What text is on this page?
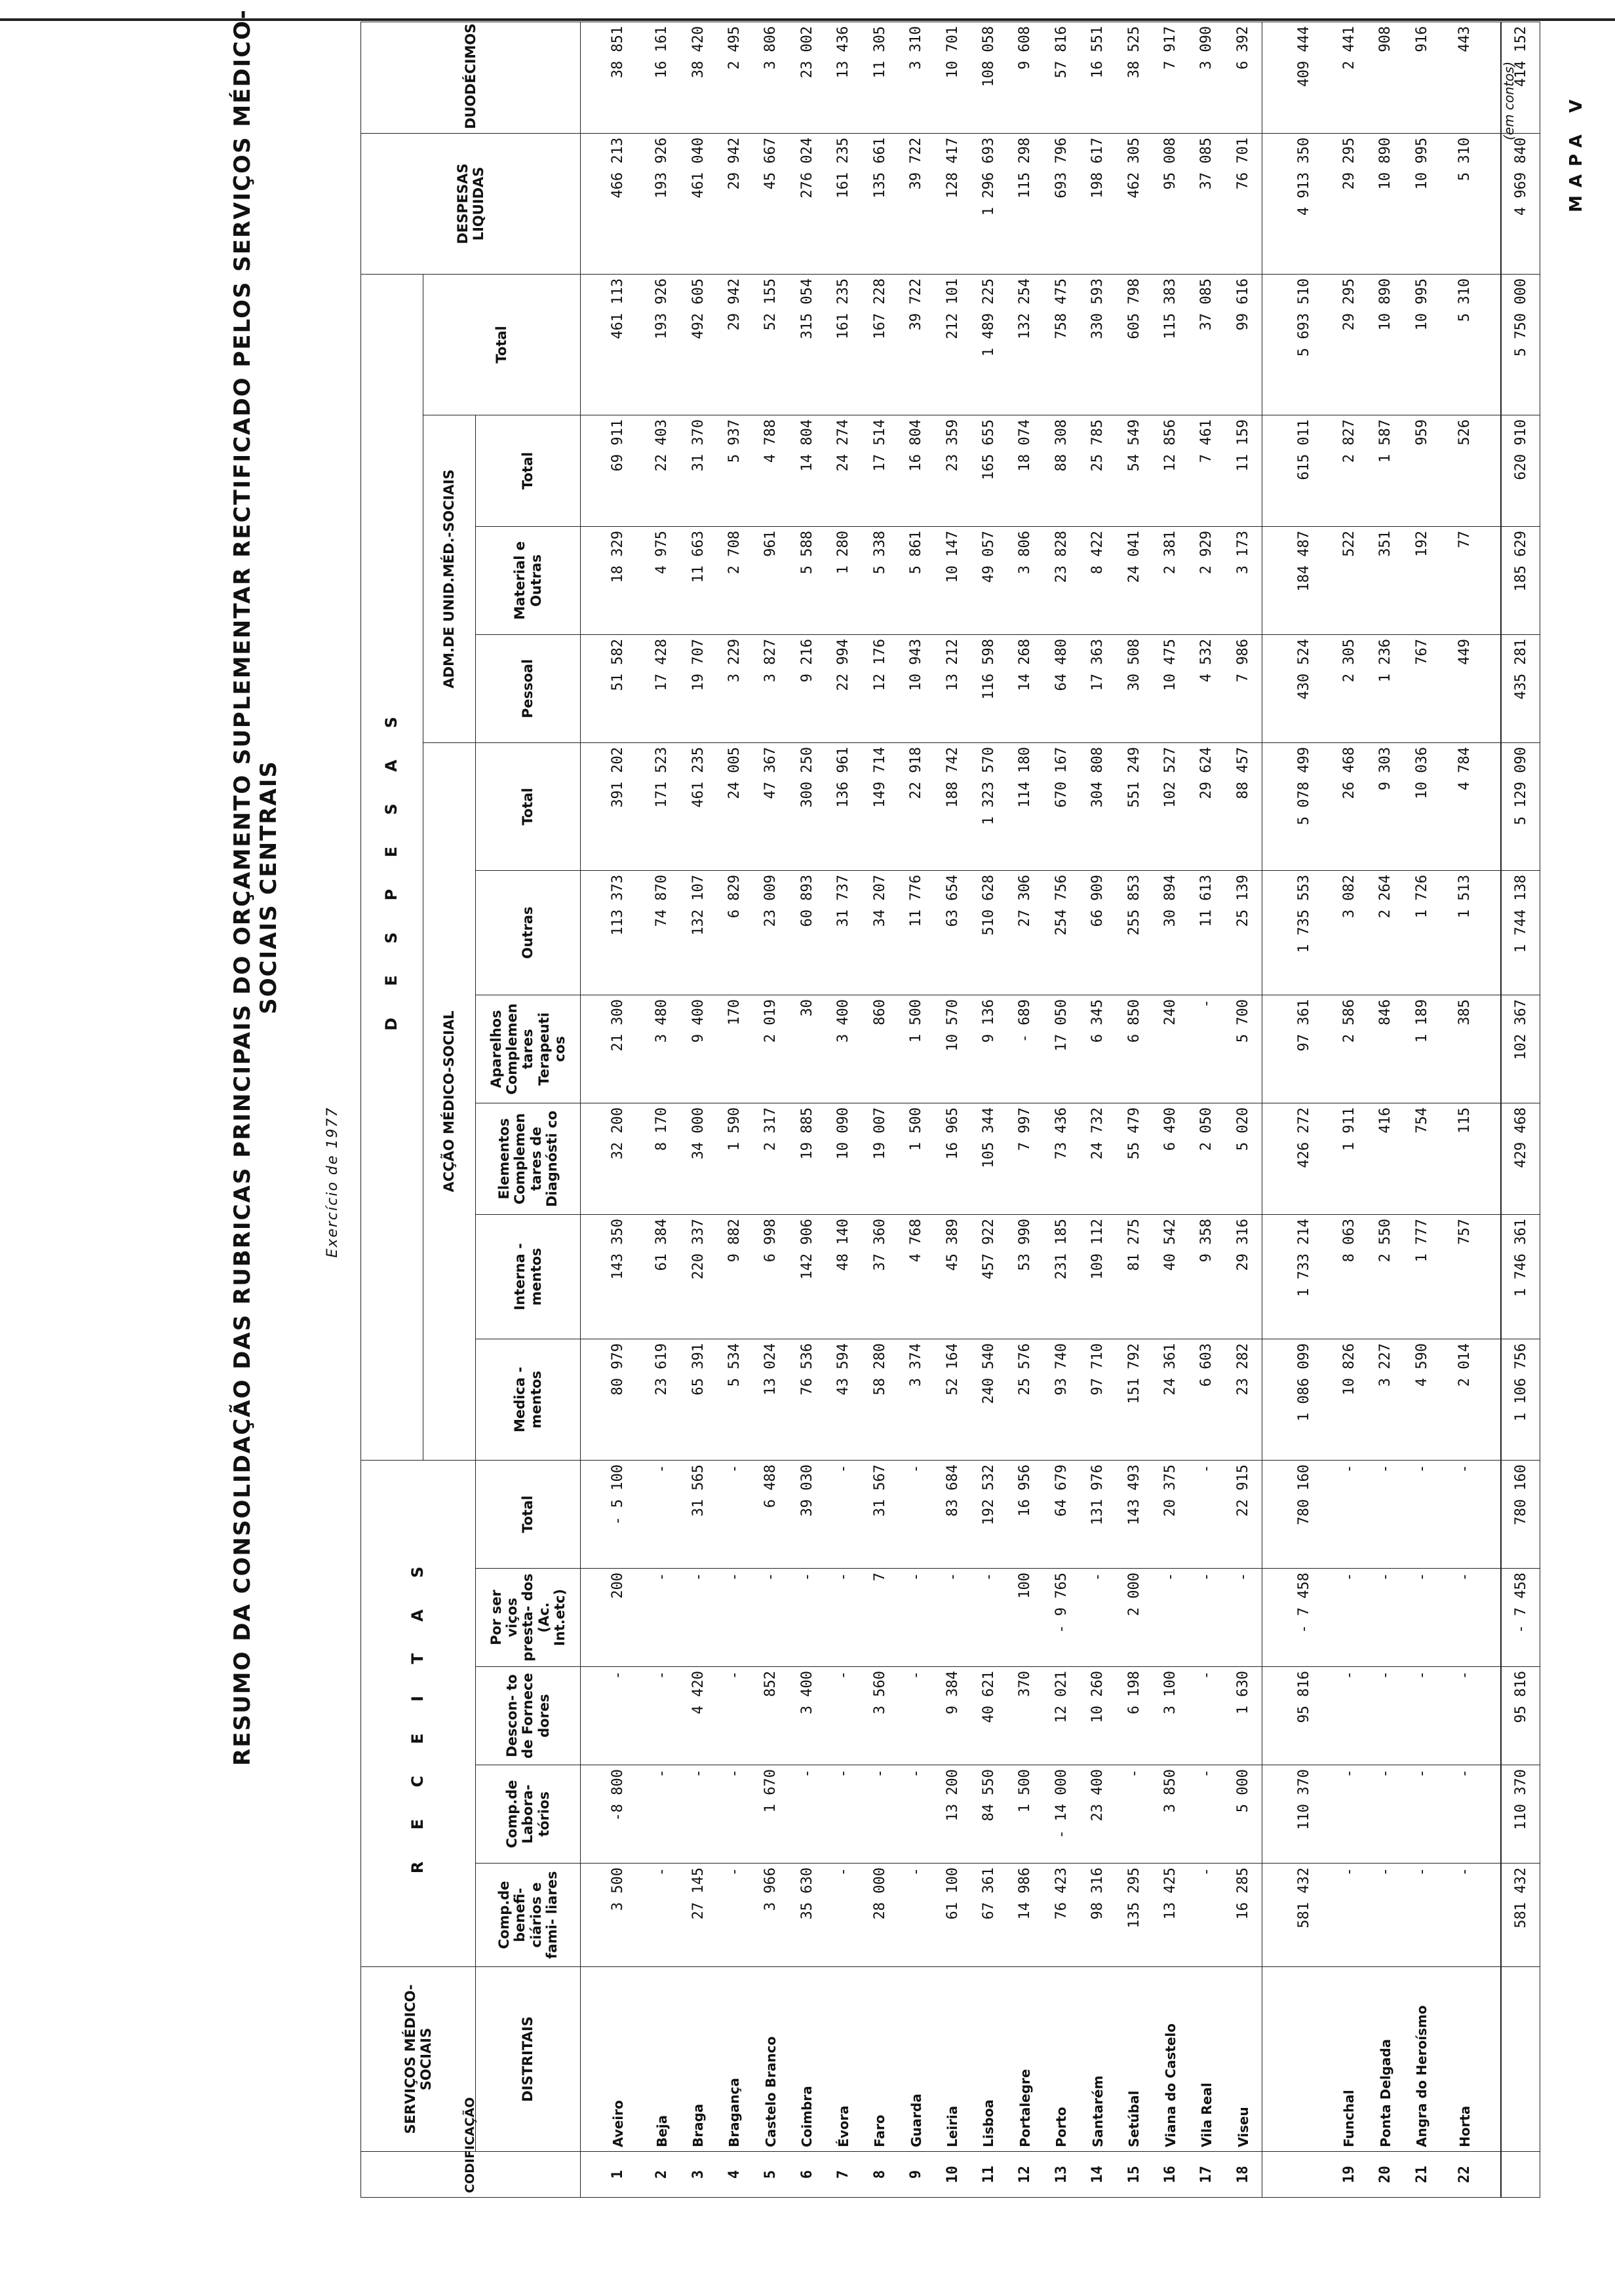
RESUMO DA CONSOLIDAÇÃO DAS RUBRICAS PRINCIPAIS DO ORÇAMENTO SUPLEMENTAR RECTIFICADO PELOS SERVIÇOS MÉDICO-SOCIAIS CENTRAIS
Exercício de 1977
MAPA V
(em contos)
CODIFICAÇÃO	SERVIÇOS MÉDICO-SOCIAIS	R E C E I T A S					D E S P E S A S										DESPESAS LIQUIDAS	DUODÉCIMOS
							ACÇÃO MÉDICO-SOCIAL						ADM.DE UNID.MÉD.-SOCIAIS			Total		
	DISTRITAIS	Comp.de benefi- ciários e fami- liares	Comp.de Labora- tórios	Descon- to de Fornece dores	Por ser viços presta- dos (Ac. Int.etc)	Total	Medica - mentos	Interna - mentos	Elementos Complemen tares de Diagnósti co	Aparelhos Complemen tares Terapeuti cos	Outras	Total	Pessoal	Material e Outras	Total			
1	Aveiro	3 500	-8 800	-	200	- 5 100	80 979	143 350	32 200	21 300	113 373	391 202	51 582	18 329	69 911	461 113	466 213	38 851
2	Beja	-	-	-	-	-	23 619	61 384	8 170	3 480	74 870	171 523	17 428	4 975	22 403	193 926	193 926	16 161
3	Braga	27 145	-	4 420	-	31 565	65 391	220 337	34 000	9 400	132 107	461 235	19 707	11 663	31 370	492 605	461 040	38 420
4	Bragança	-	-	-	-	-	5 534	9 882	1 590	170	6 829	24 005	3 229	2 708	5 937	29 942	29 942	2 495
5	Castelo Branco	3 966	1 670	852	-	6 488	13 024	6 998	2 317	2 019	23 009	47 367	3 827	961	4 788	52 155	45 667	3 806
6	Coimbra	35 630	-	3 400	-	39 030	76 536	142 906	19 885	30	60 893	300 250	9 216	5 588	14 804	315 054	276 024	23 002
7	Évora	-	-	-	-	-	43 594	48 140	10 090	3 400	31 737	136 961	22 994	1 280	24 274	161 235	161 235	13 436
8	Faro	28 000	-	3 560	7	31 567	58 280	37 360	19 007	860	34 207	149 714	12 176	5 338	17 514	167 228	135 661	11 305
9	Guarda	-	-	-	-	-	3 374	4 768	1 500	1 500	11 776	22 918	10 943	5 861	16 804	39 722	39 722	3 310
10	Leiria	61 100	13 200	9 384	-	83 684	52 164	45 389	16 965	10 570	63 654	188 742	13 212	10 147	23 359	212 101	128 417	10 701
11	Lisboa	67 361	84 550	40 621	-	192 532	240 540	457 922	105 344	9 136	510 628	1 323 570	116 598	49 057	165 655	1 489 225	1 296 693	108 058
12	Portalegre	14 986	1 500	370	100	16 956	25 576	53 990	7 997	- 689	27 306	114 180	14 268	3 806	18 074	132 254	115 298	9 608
13	Porto	76 423	- 14 000	12 021	- 9 765	64 679	93 740	231 185	73 436	17 050	254 756	670 167	64 480	23 828	88 308	758 475	693 796	57 816
14	Santarém	98 316	23 400	10 260	-	131 976	97 710	109 112	24 732	6 345	66 909	304 808	17 363	8 422	25 785	330 593	198 617	16 551
15	Setúbal	135 295	-	6 198	2 000	143 493	151 792	81 275	55 479	6 850	255 853	551 249	30 508	24 041	54 549	605 798	462 305	38 525
16	Viana do Castelo	13 425	3 850	3 100	-	20 375	24 361	40 542	6 490	240	30 894	102 527	10 475	2 381	12 856	115 383	95 008	7 917
17	Vila Real	-	-	-	-	-	6 603	9 358	2 050	-	11 613	29 624	4 532	2 929	7 461	37 085	37 085	3 090
18	Viseu	16 285	5 000	1 630	-	22 915	23 282	29 316	5 020	5 700	25 139	88 457	7 986	3 173	11 159	99 616	76 701	6 392
		581 432	110 370	95 816	- 7 458	780 160	1 086 099	1 733 214	426 272	97 361	1 735 553	5 078 499	430 524	184 487	615 011	5 693 510	4 913 350	409 444
19	Funchal	-	-	-	-	-	10 826	8 063	1 911	2 586	3 082	26 468	2 305	522	2 827	29 295	29 295	2 441
20	Ponta Delgada	-	-	-	-	-	3 227	2 550	416	846	2 264	9 303	1 236	351	1 587	10 890	10 890	908
21	Angra do Heroísmo	-	-	-	-	-	4 590	1 777	754	1 189	1 726	10 036	767	192	959	10 995	10 995	916
22	Horta	-	-	-	-	-	2 014	757	115	385	1 513	4 784	449	77	526	5 310	5 310	443
		581 432	110 370	95 816	- 7 458	780 160	1 106 756	1 746 361	429 468	102 367	1 744 138	5 129 090	435 281	185 629	620 910	5 750 000	4 969 840	414 152
